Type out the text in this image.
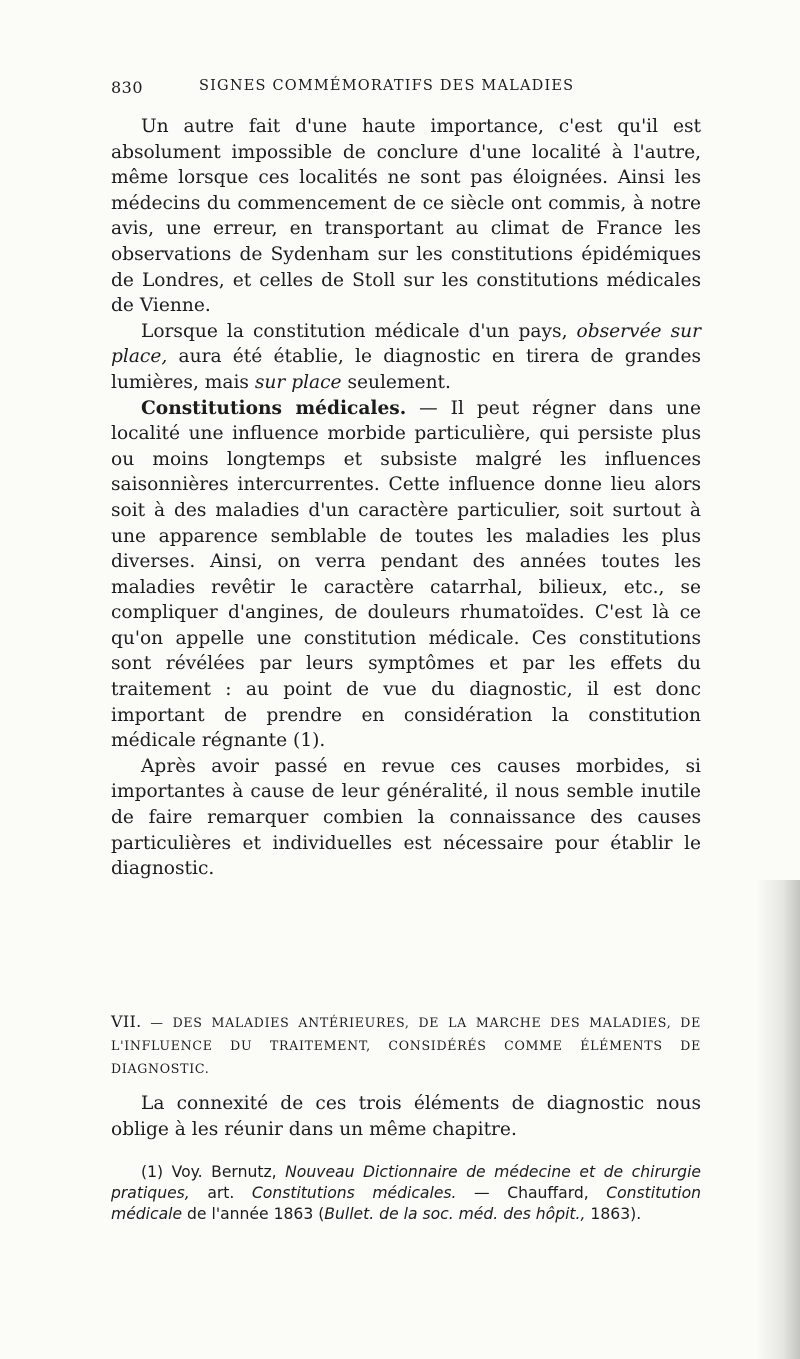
830	SIGNES COMMÉMORATIFS DES MALADIES

Un autre fait d'une haute importance, c'est qu'il est absolument impossible de conclure d'une localité à l'autre, même lorsque ces localités ne sont pas éloignées. Ainsi les médecins du commencement de ce siècle ont commis, à notre avis, une erreur, en transportant au climat de France les observations de Sydenham sur les constitutions épidémiques de Londres, et celles de Stoll sur les constitutions médicales de Vienne.

Lorsque la constitution médicale d'un pays, observée sur place, aura été établie, le diagnostic en tirera de grandes lumières, mais sur place seulement.

Constitutions médicales. — Il peut régner dans une localité une influence morbide particulière, qui persiste plus ou moins longtemps et subsiste malgré les influences saisonnières intercurrentes. Cette influence donne lieu alors soit à des maladies d'un caractère particulier, soit surtout à une apparence semblable de toutes les maladies les plus diverses. Ainsi, on verra pendant des années toutes les maladies revêtir le caractère catarrhal, bilieux, etc., se compliquer d'angines, de douleurs rhumatoïdes. C'est là ce qu'on appelle une constitution médicale. Ces constitutions sont révélées par leurs symptômes et par les effets du traitement : au point de vue du diagnostic, il est donc important de prendre en considération la constitution médicale régnante (1).

Après avoir passé en revue ces causes morbides, si importantes à cause de leur généralité, il nous semble inutile de faire remarquer combien la connaissance des causes particulières et individuelles est nécessaire pour établir le diagnostic.

VII. — DES MALADIES ANTÉRIEURES, DE LA MARCHE DES MALADIES, DE L'INFLUENCE DU TRAITEMENT, CONSIDÉRÉS COMME ÉLÉMENTS DE DIAGNOSTIC.

La connexité de ces trois éléments de diagnostic nous oblige à les réunir dans un même chapitre.

(1) Voy. Bernutz, Nouveau Dictionnaire de médecine et de chirurgie pratiques, art. Constitutions médicales. — Chauffard, Constitution médicale de l'année 1863 (Bullet. de la soc. méd. des hôpit., 1863).
